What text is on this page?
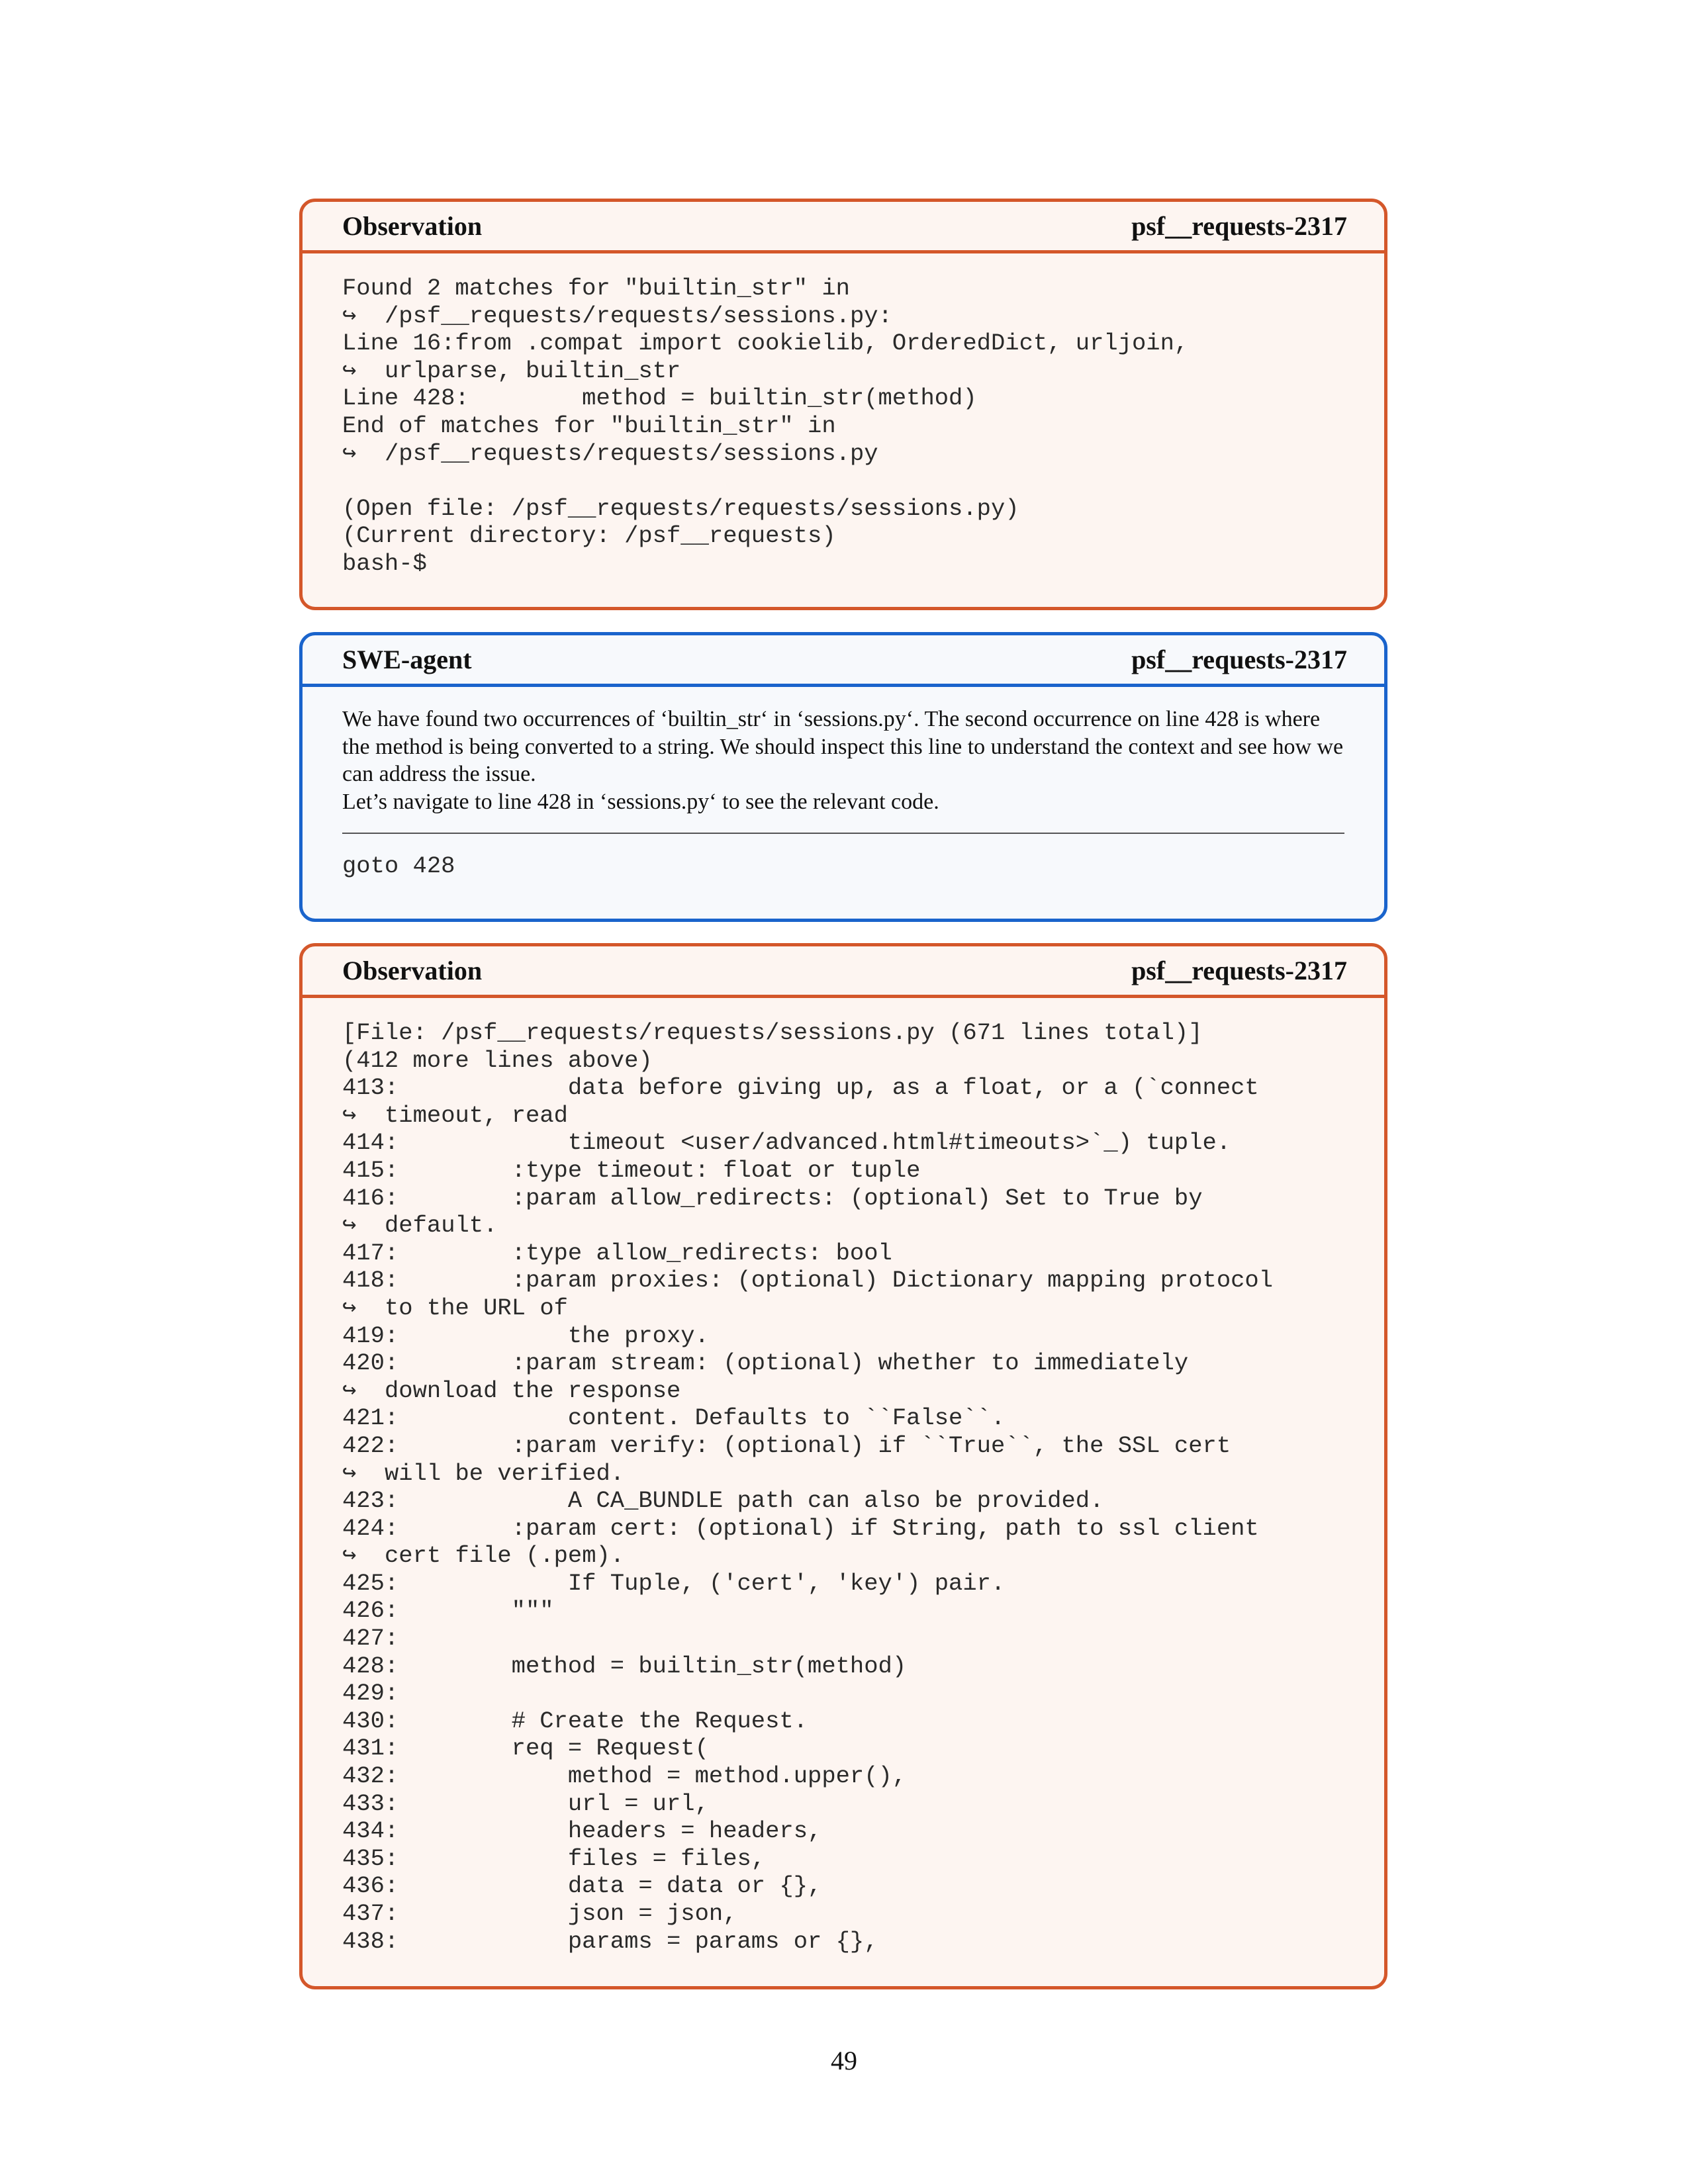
Observation	psf__requests-2317
Found 2 matches for "builtin_str" in
↪  /psf__requests/requests/sessions.py:
Line 16:from .compat import cookielib, OrderedDict, urljoin,
↪  urlparse, builtin_str
Line 428:        method = builtin_str(method)
End of matches for "builtin_str" in
↪  /psf__requests/requests/sessions.py
(Open file: /psf__requests/requests/sessions.py)
(Current directory: /psf__requests)
bash-$
SWE-agent	psf__requests-2317

We have found two occurrences of ‘builtin_str‘ in ‘sessions.py‘. The second occurrence on line 428 is where the method is being converted to a string. We should inspect this line to understand the context and see how we can address the issue.

Let’s navigate to line 428 in ‘sessions.py‘ to see the relevant code.

goto 428
Observation	psf__requests-2317
[File: /psf__requests/requests/sessions.py (671 lines total)]
(412 more lines above)
413:            data before giving up, as a float, or a (`connect
↪  timeout, read
414:            timeout <user/advanced.html#timeouts>`_) tuple.
415:        :type timeout: float or tuple
416:        :param allow_redirects: (optional) Set to True by
↪  default.
417:        :type allow_redirects: bool
418:        :param proxies: (optional) Dictionary mapping protocol
↪  to the URL of
419:            the proxy.
420:        :param stream: (optional) whether to immediately
↪  download the response
421:            content. Defaults to ``False``.
422:        :param verify: (optional) if ``True``, the SSL cert
↪  will be verified.
423:            A CA_BUNDLE path can also be provided.
424:        :param cert: (optional) if String, path to ssl client
↪  cert file (.pem).
425:            If Tuple, ('cert', 'key') pair.
426:        """
427:
428:        method = builtin_str(method)
429:
430:        # Create the Request.
431:        req = Request(
432:            method = method.upper(),
433:            url = url,
434:            headers = headers,
435:            files = files,
436:            data = data or {},
437:            json = json,
438:            params = params or {},
49
